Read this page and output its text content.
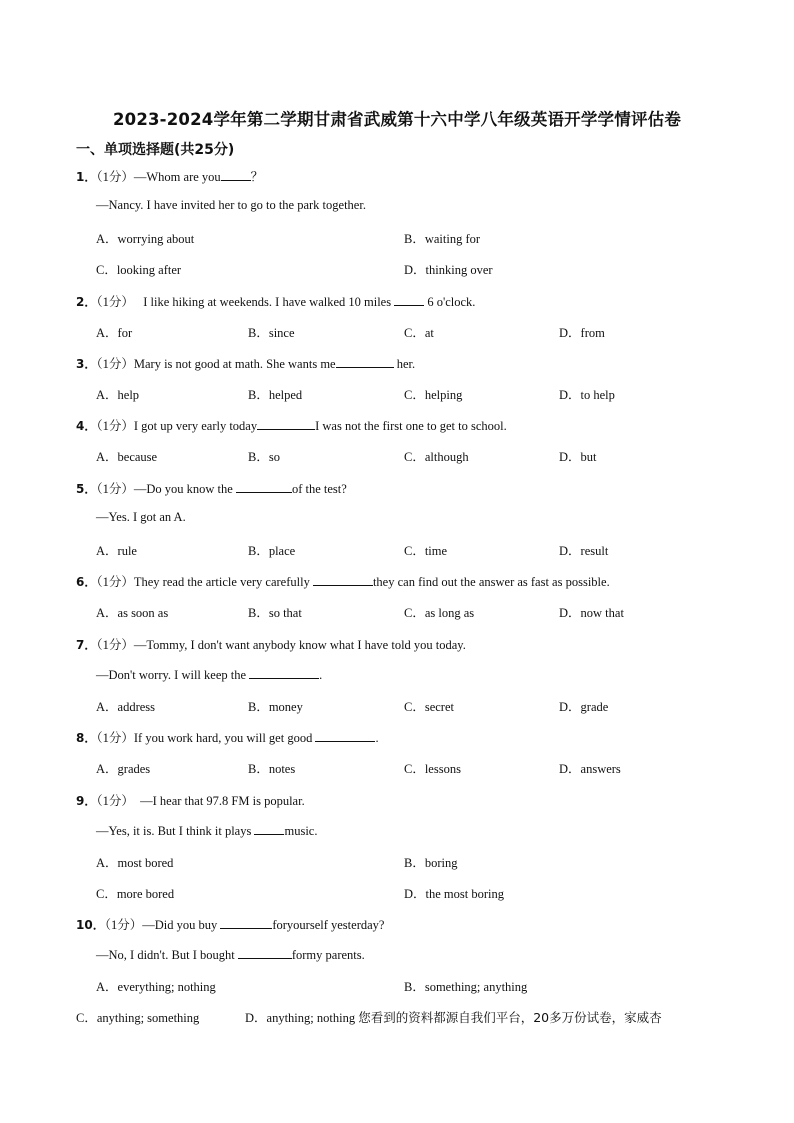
2023-2024学年第二学期甘肃省武威第十六中学八年级英语开学学情评估卷
一、单项选择题(共25分)
1．（1分）—Whom are you ？
—Nancy. I have invited her to go to the park together.
A．worrying about	B．waiting for
C．looking after	D．thinking over
2．（1分） I like hiking at weekends. I have walked 10 miles  6 o'clock.
A．for	B．since	C．at	D．from
3．（1分）Mary is not good at math. She wants me	her.
A．help	B．helped	C．helping	D．to help
4．（1分）I got up very early today	I was not the first one to get to school.
A．because	B．so	C．although	D．but
5．（1分）—Do you know the	of the test?
—Yes. I got an A.
A．rule	B．place	C．time	D．result
6．（1分）They read the article very carefully	they can find out the answer as fast as possible.
A．as soon as	B．so that	C．as long as	D．now that
7．（1分）—Tommy, I don't want anybody know what I have told you today.
—Don't worry. I will keep the	.
A．address	B．money	C．secret	D．grade
8．（1分）If you work hard, you will get good	.
A．grades	B．notes	C．lessons	D．answers
9．（1分） —I hear that 97.8 FM is popular.
—Yes, it is. But I think it plays music.
A．most bored	B．boring
C．more bored	D．the most boring
10．（1分）—Did you buy	foryourself yesterday?
—No, I didn't. But I bought	formy parents.
A．everything; nothing	B．something; anything
C．anything; something	D．anything; nothing 您看到的资料都源自我们平台，20多万份试卷，家威杏
